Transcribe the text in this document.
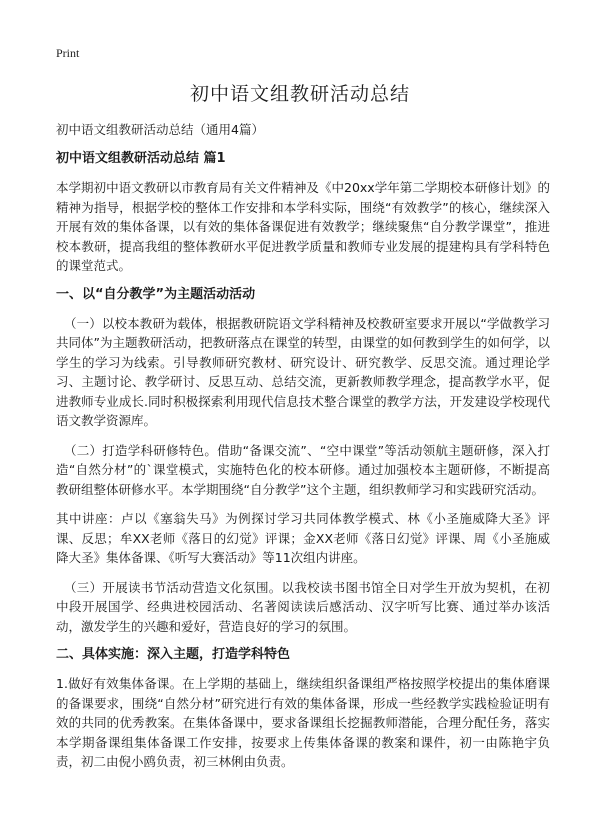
Print
初中语文组教研活动总结

初中语文组教研活动总结（通用4篇）

初中语文组教研活动总结 篇1

本学期初中语文教研以市教育局有关文件精神及《中20xx学年第二学期校本研修计划》的精神为指导，根据学校的整体工作安排和本学科实际，围绕“有效教学”的核心，继续深入开展有效的集体备课，以有效的集体备课促进有效教学；继续聚焦“自分教学课堂”，推进校本教研，提高我组的整体教研水平促进教学质量和教师专业发展的提建构具有学科特色的课堂范式。

一、以“自分教学”为主题活动活动

（一）以校本教研为载体，根据教研院语文学科精神及校教研室要求开展以“学做教学习共同体”为主题教研活动，把教研落点在课堂的转型，由课堂的如何教到学生的如何学，以学生的学习为线索。引导教师研究教材、研究设计、研究教学、反思交流。通过理论学习、主题讨论、教学研讨、反思互动、总结交流，更新教师教学理念，提高教学水平，促进教师专业成长.同时积极探索利用现代信息技术整合课堂的教学方法，开发建设学校现代语文教学资源库。

（二）打造学科研修特色。借助“备课交流”、“空中课堂”等活动领航主题研修，深入打造“自然分材”的`课堂模式，实施特色化的校本研修。通过加强校本主题研修，不断提高教研组整体研修水平。本学期围绕“自分教学”这个主题，组织教师学习和实践研究活动。

其中讲座：卢以《塞翁失马》为例探讨学习共同体教学模式、林《小圣施威降大圣》评课、反思；牟XX老师《落日的幻觉》评课；金XX老师《落日幻觉》评课、周《小圣施威降大圣》集体备课、《听写大赛活动》等11次组内讲座。

（三）开展读书节活动营造文化氛围。以我校读书图书馆全日对学生开放为契机，在初中段开展国学、经典进校园活动、名著阅读读后感活动、汉字听写比赛、通过举办该活动，激发学生的兴趣和爱好，营造良好的学习的氛围。

二、具体实施：深入主题，打造学科特色

1.做好有效集体备课。在上学期的基础上，继续组织备课组严格按照学校提出的集体磨课的备课要求，围绕“自然分材”研究进行有效的集体备课，形成一些经教学实践检验证明有效的共同的优秀教案。在集体备课中，要求备课组长挖掘教师潜能，合理分配任务，落实本学期备课组集体备课工作安排，按要求上传集体备课的教案和课件，初一由陈艳宇负责，初二由倪小鸥负责，初三林俐由负责。
